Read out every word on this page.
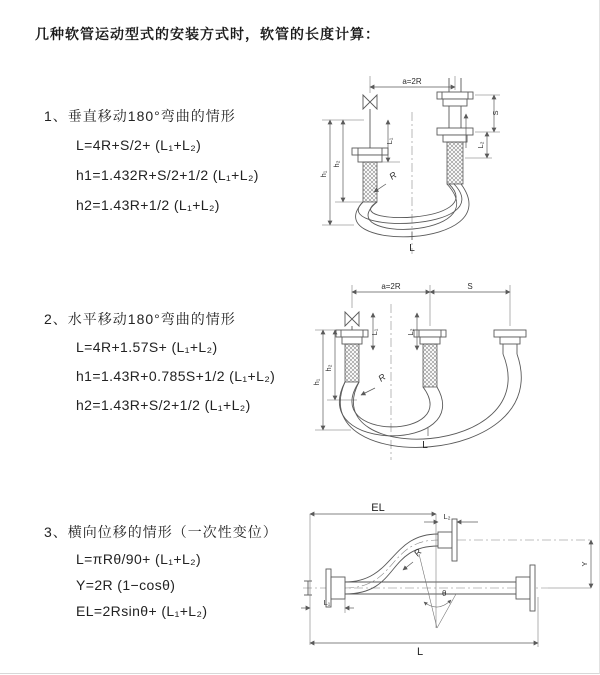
几种软管运动型式的安装方式时，软管的长度计算：
1、垂直移动180°弯曲的情形
L=4R+S/2+ (L₁+L₂)
h1=1.432R+S/2+1/2 (L₁+L₂)
h2=1.43R+1/2 (L₁+L₂)
2、水平移动180°弯曲的情形
L=4R+1.57S+ (L₁+L₂)
h1=1.43R+0.785S+1/2 (L₁+L₂)
h2=1.43R+S/2+1/2 (L₁+L₂)
3、横向位移的情形（一次性变位）
L=πRθ/90+ (L₁+L₂)
Y=2R (1−cosθ)
EL=2Rsinθ+ (L₁+L₂)
a=2R
S
L₂
h₁
h₂
L₁
R
L
a=2R	S
L₁	L₂
h₁
h₂
R
L
EL
L₂
Y
R
θ
L
L₁
